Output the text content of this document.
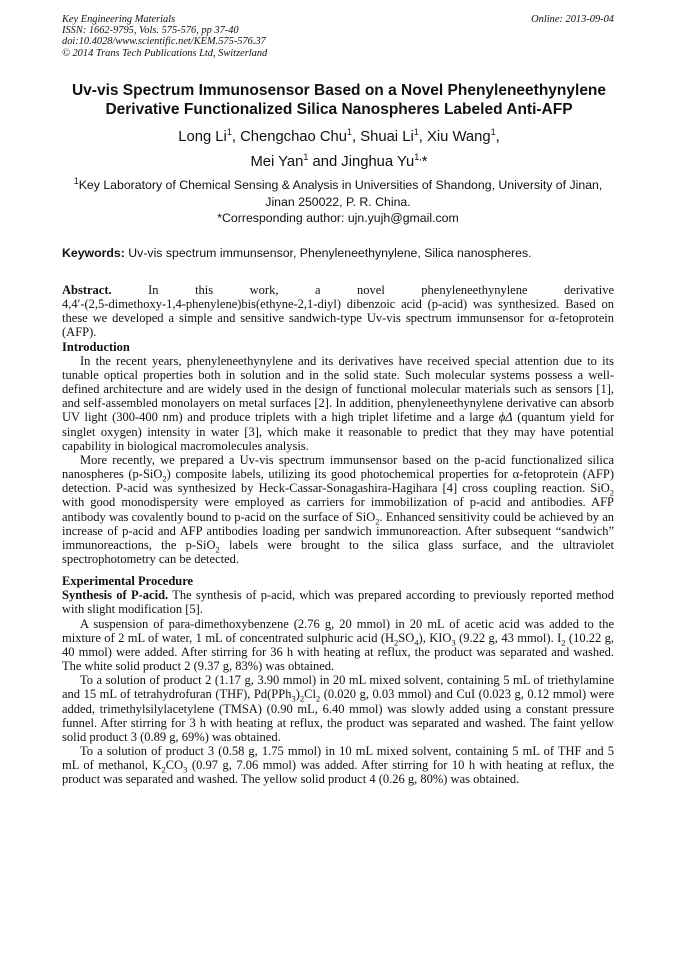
Key Engineering Materials
ISSN: 1662-9795, Vols. 575-576, pp 37-40
doi:10.4028/www.scientific.net/KEM.575-576.37
© 2014 Trans Tech Publications Ltd, Switzerland
Online: 2013-09-04
Uv-vis Spectrum Immunosensor Based on a Novel Phenyleneethynylene
Derivative Functionalized Silica Nanospheres Labeled Anti-AFP
Long Li$^1$, Chengchao Chu$^1$, Shuai Li$^1$, Xiu Wang$^1$,
Mei Yan$^1$ and Jinghua $Yu^{1,}*$
$^1$Key Laboratory of Chemical Sensing & Analysis in Universities of Shandong, University of Jinan,
Jinan 250022, P. R. China.
*Corresponding author: ujn.yujh@gmail.com
Keywords: Uv-vis spectrum immunsensor, Phenyleneethynylene, Silica nanospheres.

Abstract. In this work, a novel phenyleneethynylene derivative

4,4′-(2,5-dimethoxy-1,4-phenylene)bis(ethyne-2,1-diyl) dibenzoic acid (p-acid) was synthesized. Based on these we developed a simple and sensitive sandwich-type Uv-vis spectrum immunsensor for α-fetoprotein (AFP).

Introduction

In the recent years, phenyleneethynylene and its derivatives have received special attention due to its tunable optical properties both in solution and in the solid state. Such molecular systems possess a well-defined architecture and are widely used in the design of functional molecular materials such as sensors [1], and self-assembled monolayers on metal surfaces [2]. In addition, phenyleneethynylene derivative can absorb UV light (300-400 nm) and produce triplets with a high triplet lifetime and a large ϕΔ (quantum yield for singlet oxygen) intensity in water [3], which make it reasonable to predict that they may have potential capability in biological macromolecules analysis.

More recently, we prepared a Uv-vis spectrum immunsensor based on the p-acid functionalized silica nanospheres (p-SiO$_2$) composite labels, utilizing its good photochemical properties for α-fetoprotein (AFP) detection. P-acid was synthesized by Heck-Cassar-Sonagashira-Hagihara [4] cross coupling reaction. SiO$_2$ with good monodispersity were employed as carriers for immobilization of p-acid and antibodies. AFP antibody was covalently bound to p-acid on the surface of SiO$_2$. Enhanced sensitivity could be achieved by an increase of p-acid and AFP antibodies loading per sandwich immunoreaction. After subsequent “sandwich” immunoreactions, the p-SiO$_2$ labels were brought to the silica glass surface, and the ultraviolet spectrophotometry can be detected.

Experimental Procedure

Synthesis of P-acid. The synthesis of p-acid, which was prepared according to previously reported method with slight modification [5].

A suspension of para-dimethoxybenzene (2.76 g, 20 mmol) in 20 mL of acetic acid was added to the mixture of 2 mL of water, 1 mL of concentrated sulphuric acid $(H_2SO_4)$, $KIO_3$ (9.22 g, 43 mmol). $I_2$ (10.22 g, 40 mmol) were added. After stirring for 36 h with heating at reflux, the product was separated and washed. The white solid product 2 (9.37 g, 83%) was obtained.

To a solution of product 2 (1.17 g, 3.90 mmol) in 20 mL mixed solvent, containing 5 mL of triethylamine and 15 mL of tetrahydrofuran (THF), $Pd(PPh_3)_2Cl_2$ (0.020 g, 0.03 mmol) and CuI (0.023 g, 0.12 mmol) were added, trimethylsilylacetylene (TMSA) (0.90 mL, 6.40 mmol) was slowly added using a constant pressure funnel. After stirring for 3 h with heating at reflux, the product was separated and washed. The faint yellow solid product 3 (0.89 g, 69%) was obtained.

To a solution of product 3 (0.58 g, 1.75 mmol) in 10 mL mixed solvent, containing 5 mL of THF and 5 mL of methanol, $K_2CO_3$ (0.97 g, 7.06 mmol) was added. After stirring for 10 h with heating at reflux, the product was separated and washed. The yellow solid product 4 (0.26 g, 80%) was obtained.
